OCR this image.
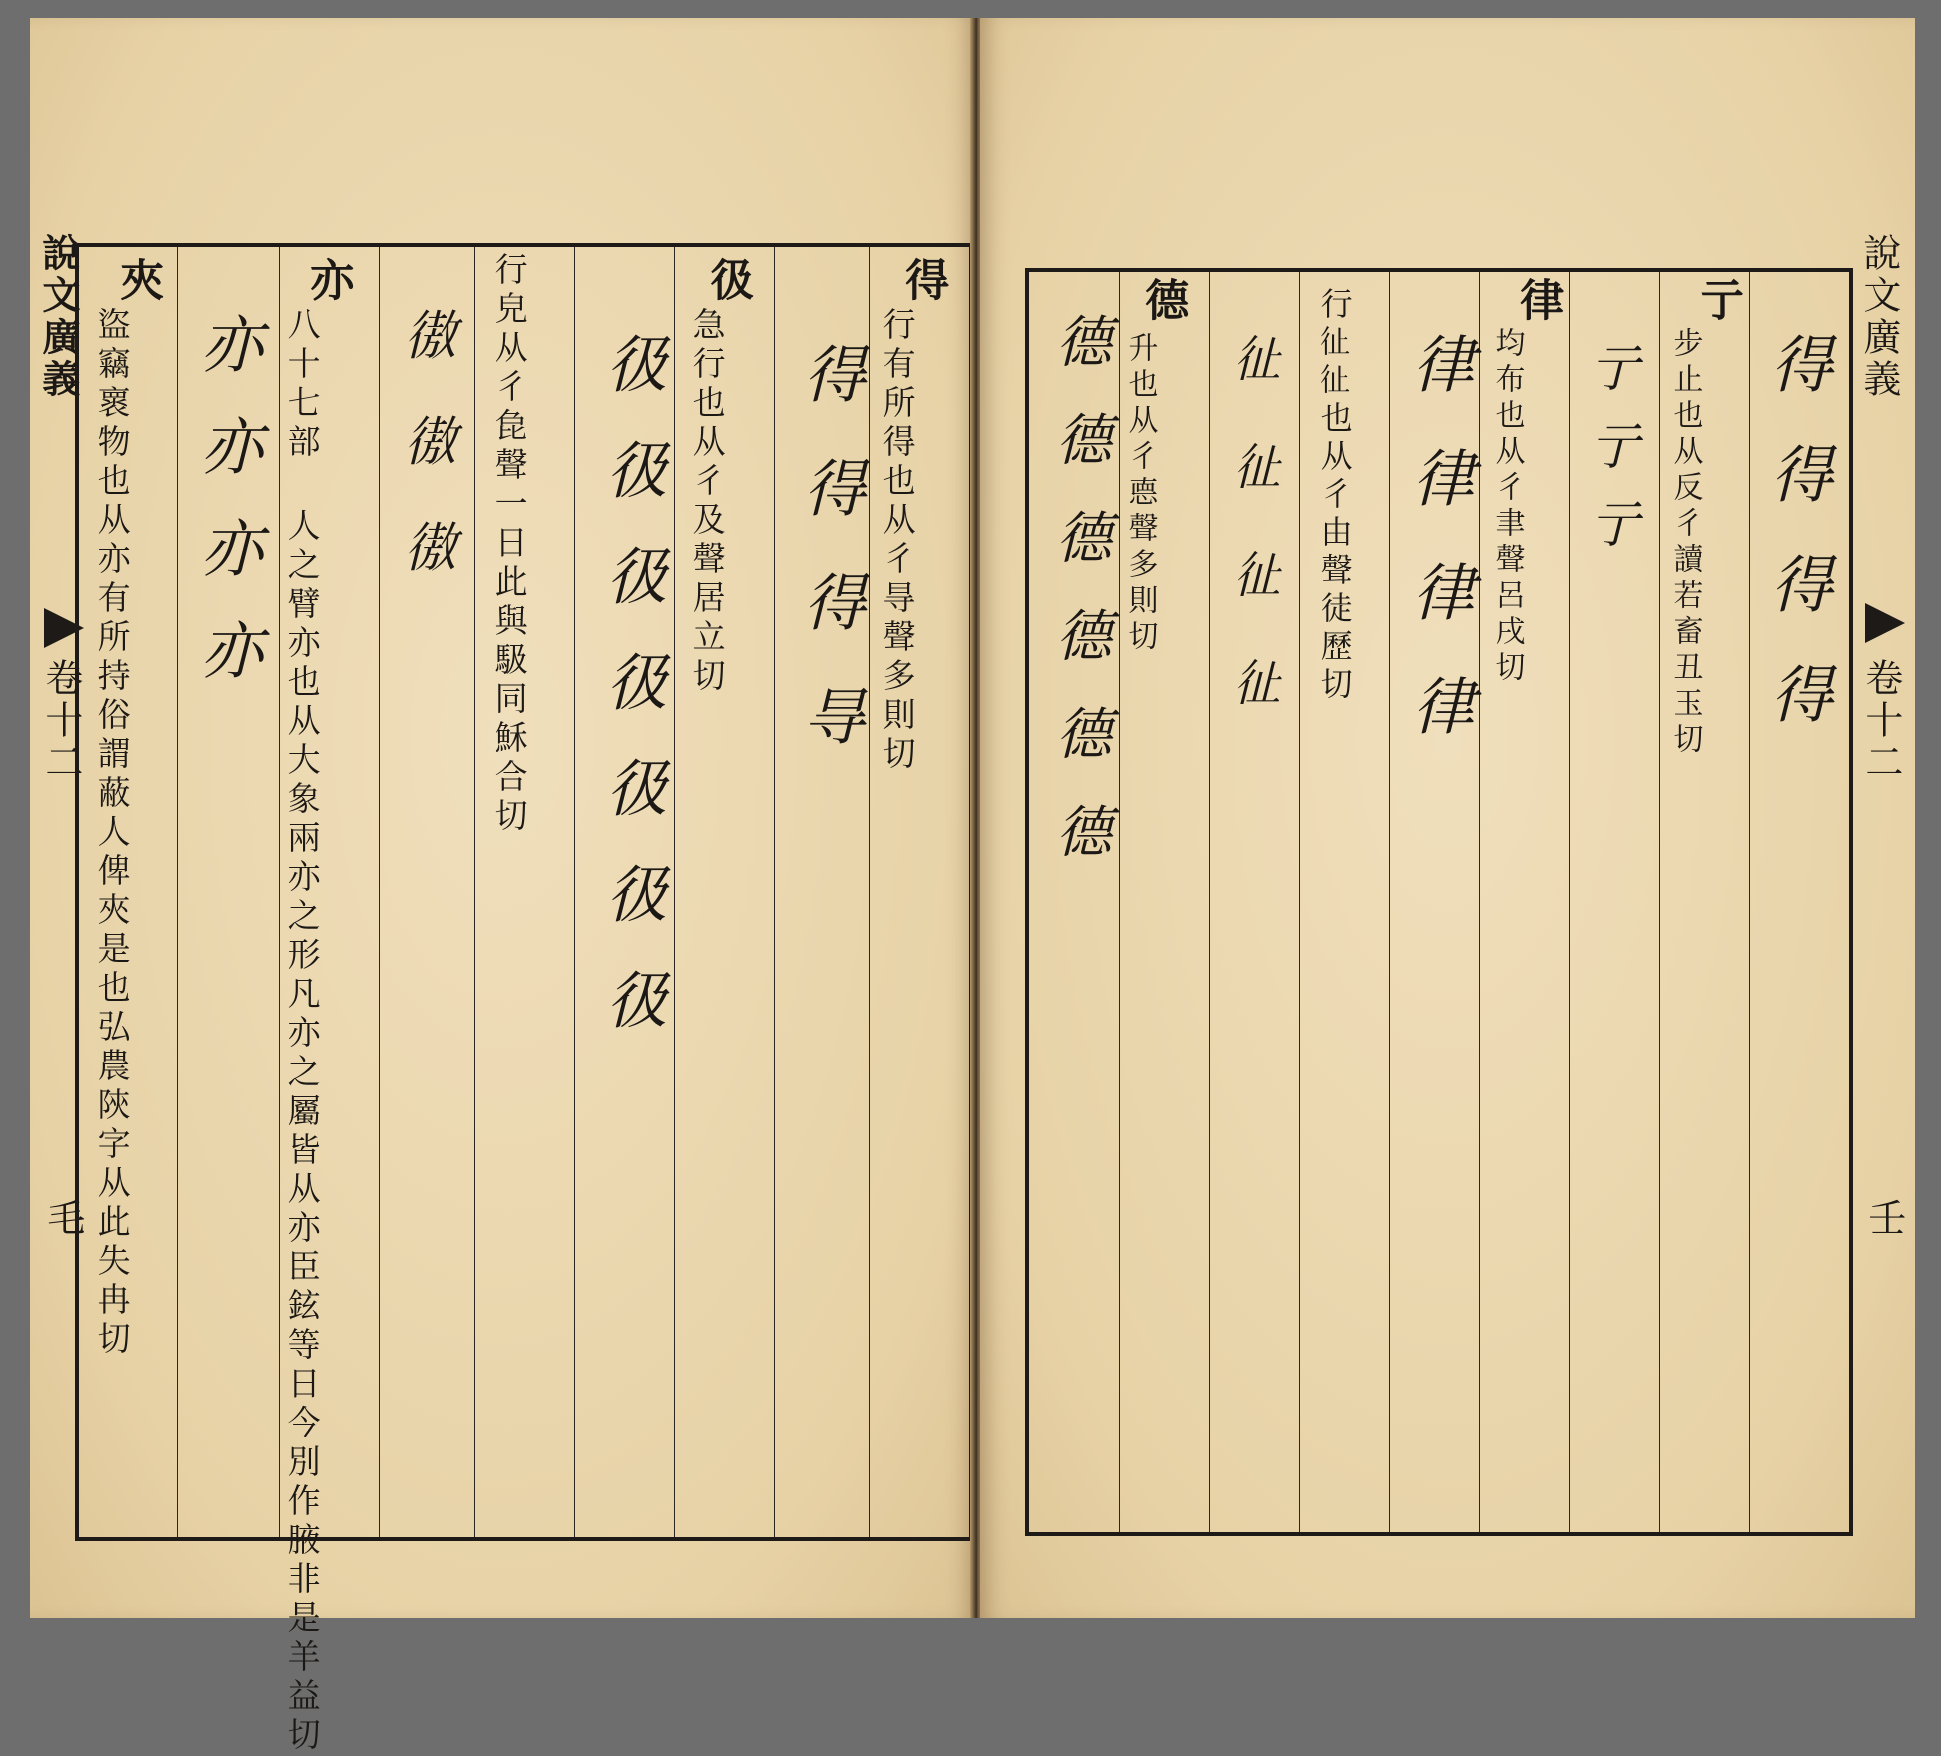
說文廣義
卷十二
毛
得
行有所得也从彳㝵聲多則切
得得得㝵
彶
急行也从彳及聲居立切
彶彶彶彶彶彶彶
行皃从彳㲋聲一日此與馺同穌合切
𢕟𢕟𢕟
亦
八十七部 人之臂亦也从大象兩亦之形凡亦之屬皆从亦臣鉉等日今別作腋非是羊益切
亦亦亦亦
夾
盜竊褱物也从亦有所持俗謂蔽人俾夾是也弘農陝字从此失冉切	說文廣義
卷十二
壬
得得得得
亍
步止也从反彳讀若畜丑玉切
亍亍亍
律
均布也从彳聿聲呂戌切
律律律律
行𢓊𢓊也从彳由聲徒歷切
𢓊𢓊𢓊𢓊
德
升也从彳㥁聲多則切
德德德德德德
